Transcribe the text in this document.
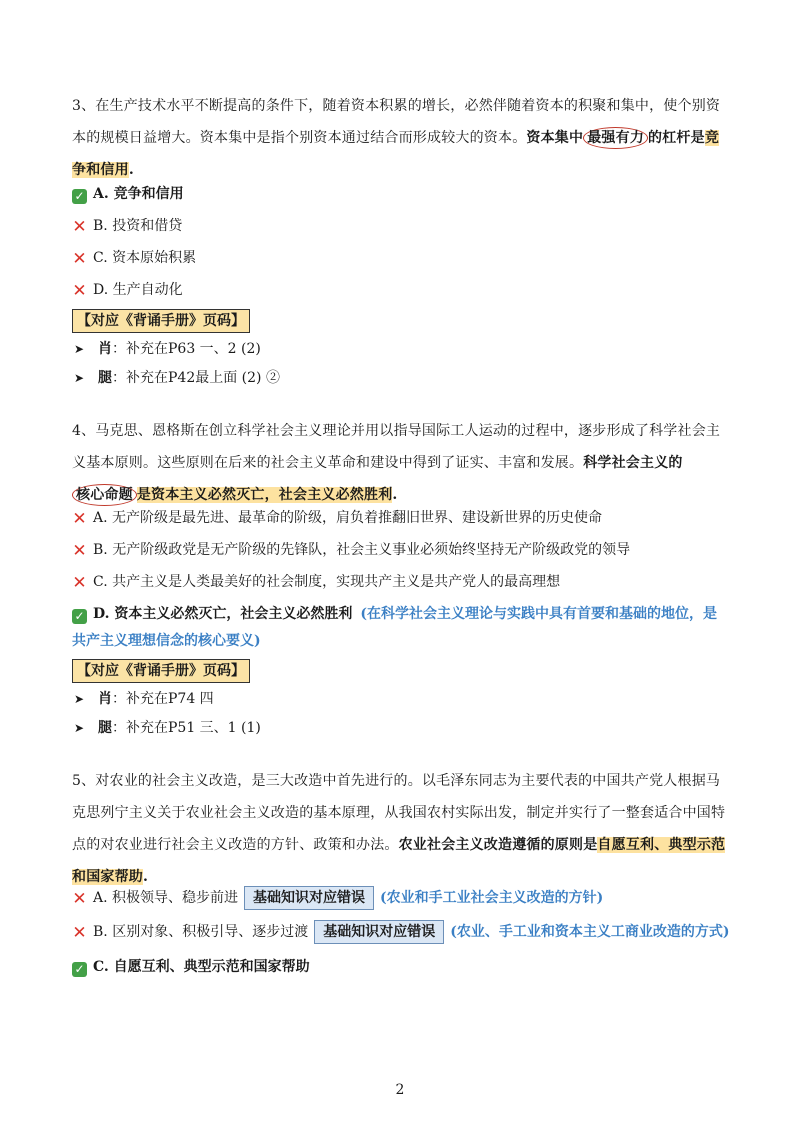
3、在生产技术水平不断提高的条件下，随着资本积累的增长，必然伴随着资本的积聚和集中，使个别资本的规模日益增大。资本集中是指个别资本通过结合而形成较大的资本。资本集中 最强有力 的杠杆是竞争和信用.
✓ A. 竞争和信用
✕ B. 投资和借贷
✕ C. 资本原始积累
✕ D. 生产自动化
【对应《背诵手册》页码】
➤ 肖：补充在P63 一、2 (2)
➤ 腿：补充在P42最上面 (2) ②
4、马克思、恩格斯在创立科学社会主义理论并用以指导国际工人运动的过程中，逐步形成了科学社会主义基本原则。这些原则在后来的社会主义革命和建设中得到了证实、丰富和发展。科学社会主义的核心命题 是资本主义必然灭亡，社会主义必然胜利.
✕ A. 无产阶级是最先进、最革命的阶级，肩负着推翻旧世界、建设新世界的历史使命
✕ B. 无产阶级政党是无产阶级的先锋队，社会主义事业必须始终坚持无产阶级政党的领导
✕ C. 共产主义是人类最美好的社会制度，实现共产主义是共产党人的最高理想
✓ D. 资本主义必然灭亡，社会主义必然胜利 (在科学社会主义理论与实践中具有首要和基础的地位，是
共产主义理想信念的核心要义)
【对应《背诵手册》页码】
➤ 肖：补充在P74 四
➤ 腿：补充在P51 三、1 (1)
5、对农业的社会主义改造，是三大改造中首先进行的。以毛泽东同志为主要代表的中国共产党人根据马克思列宁主义关于农业社会主义改造的基本原理，从我国农村实际出发，制定并实行了一整套适合中国特点的对农业进行社会主义改造的方针、政策和办法。农业社会主义改造遵循的原则是自愿互利、典型示范和国家帮助.
✕ A. 积极领导、稳步前进 基础知识对应错误 (农业和手工业社会主义改造的方针)
✕ B. 区别对象、积极引导、逐步过渡 基础知识对应错误 (农业、手工业和资本主义工商业改造的方式)
✓ C. 自愿互利、典型示范和国家帮助
2
